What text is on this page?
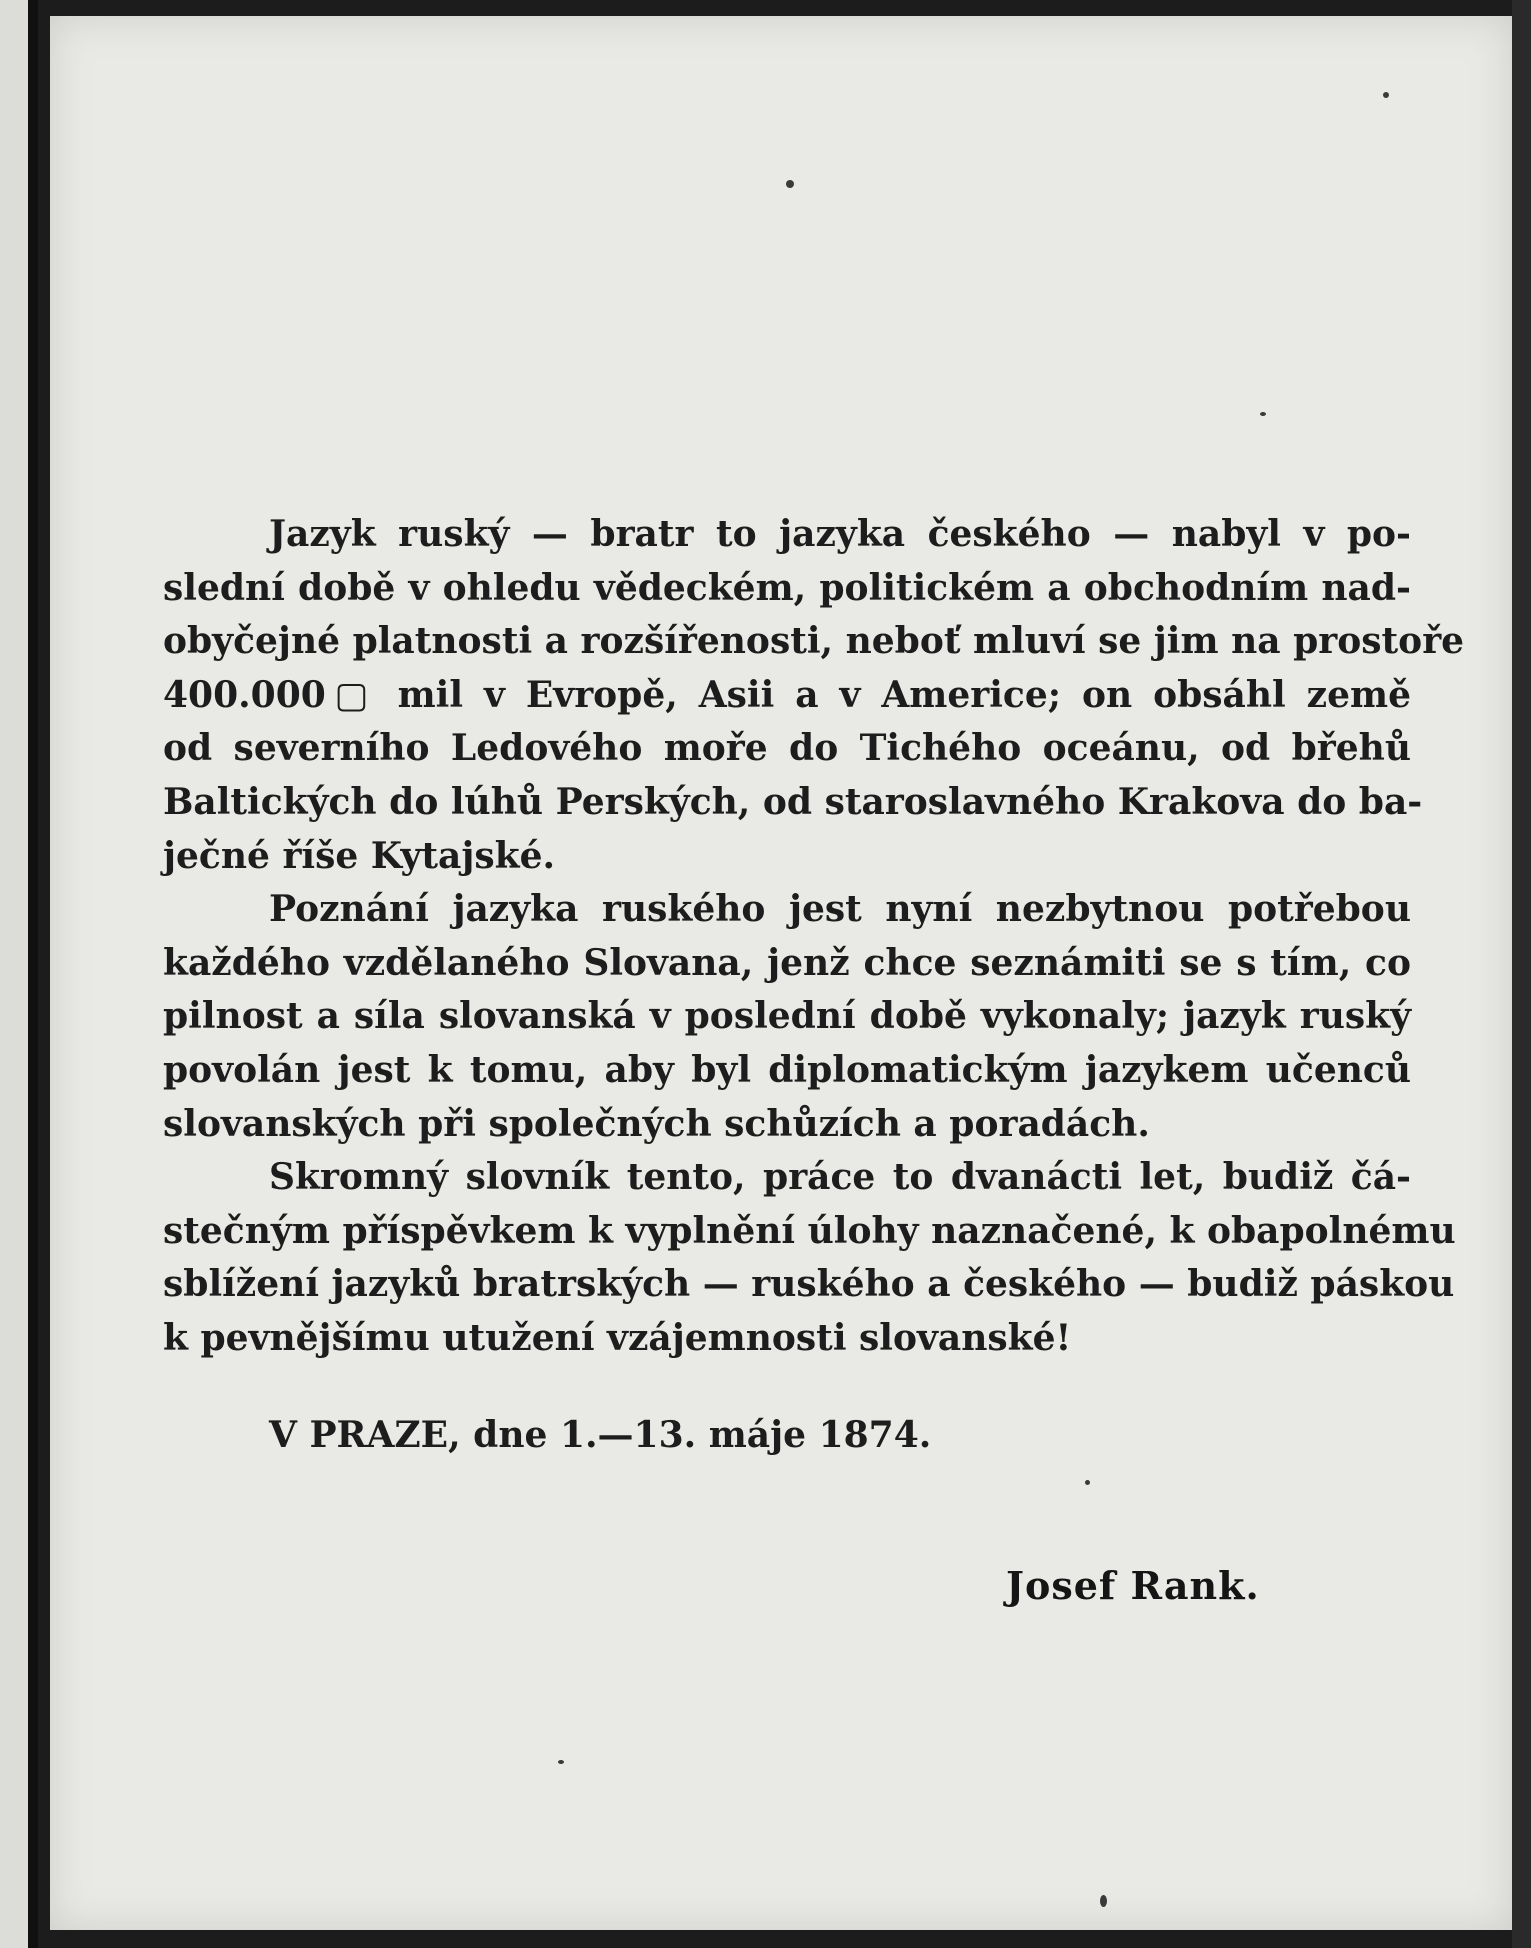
Jazyk ruský — bratr to jazyka českého — nabyl v po-
slední době v ohledu vědeckém, politickém a obchodním nad-
obyčejné platnosti a rozšířenosti, neboť mluví se jim na prostoře
400.000▢ mil v Evropě, Asii a v Americe; on obsáhl země
od severního Ledového moře do Tichého oceánu, od břehů
Baltických do lúhů Perských, od staroslavného Krakova do ba-
ječné říše Kytajské.

Poznání jazyka ruského jest nyní nezbytnou potřebou
každého vzdělaného Slovana, jenž chce seznámiti se s tím, co
pilnost a síla slovanská v poslední době vykonaly; jazyk ruský
povolán jest k tomu, aby byl diplomatickým jazykem učenců
slovanských při společných schůzích a poradách.

Skromný slovník tento, práce to dvanácti let, budiž čá-
stečným příspěvkem k vyplnění úlohy naznačené, k obapolnému
sblížení jazyků bratrských — ruského a českého — budiž páskou
k pevnějšímu utužení vzájemnosti slovanské!

V PRAZE, dne 1.—13. máje 1874.
Josef Rank.
